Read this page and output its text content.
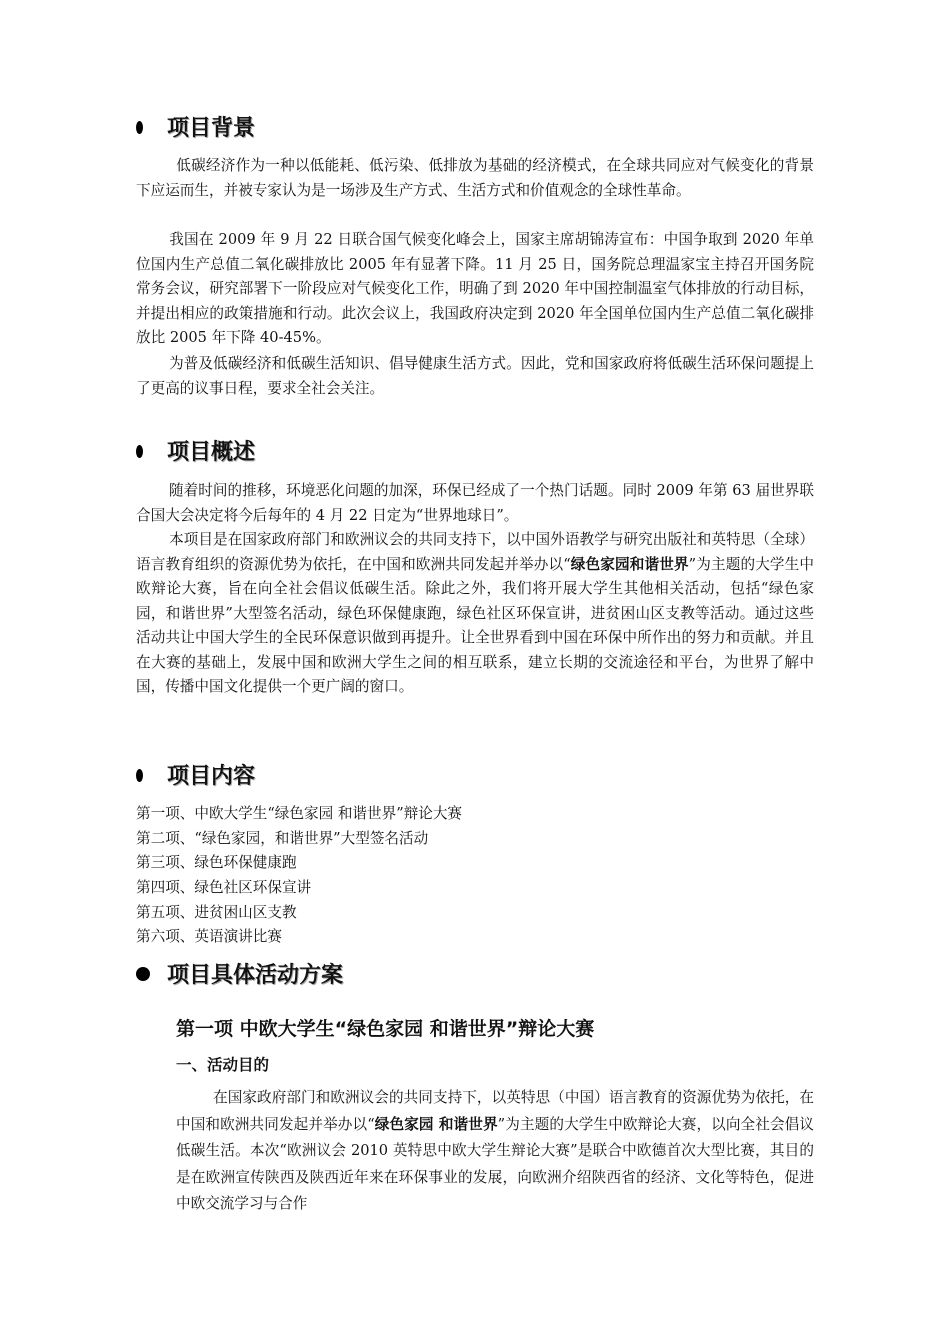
项目背景
低碳经济作为一种以低能耗、低污染、低排放为基础的经济模式，在全球共同应对气候变化的背景下应运而生，并被专家认为是一场涉及生产方式、生活方式和价值观念的全球性革命。
我国在 2009 年 9 月 22 日联合国气候变化峰会上，国家主席胡锦涛宣布：中国争取到 2020 年单位国内生产总值二氧化碳排放比 2005 年有显著下降。11 月 25 日，国务院总理温家宝主持召开国务院常务会议，研究部署下一阶段应对气候变化工作，明确了到 2020 年中国控制温室气体排放的行动目标，并提出相应的政策措施和行动。此次会议上，我国政府决定到 2020 年全国单位国内生产总值二氧化碳排放比 2005 年下降 40-45%。
为普及低碳经济和低碳生活知识、倡导健康生活方式。因此，党和国家政府将低碳生活环保问题提上了更高的议事日程，要求全社会关注。
项目概述
随着时间的推移，环境恶化问题的加深，环保已经成了一个热门话题。同时 2009 年第 63 届世界联合国大会决定将今后每年的 4 月 22 日定为“世界地球日”。
本项目是在国家政府部门和欧洲议会的共同支持下，以中国外语教学与研究出版社和英特思（全球）语言教育组织的资源优势为依托，在中国和欧洲共同发起并举办以“绿色家园和谐世界”为主题的大学生中欧辩论大赛，旨在向全社会倡议低碳生活。除此之外，我们将开展大学生其他相关活动，包括“绿色家园，和谐世界”大型签名活动，绿色环保健康跑，绿色社区环保宣讲，进贫困山区支教等活动。通过这些活动共让中国大学生的全民环保意识做到再提升。让全世界看到中国在环保中所作出的努力和贡献。并且在大赛的基础上，发展中国和欧洲大学生之间的相互联系，建立长期的交流途径和平台，为世界了解中国，传播中国文化提供一个更广阔的窗口。
项目内容
第一项、中欧大学生“绿色家园 和谐世界”辩论大赛
第二项、“绿色家园，和谐世界”大型签名活动
第三项、绿色环保健康跑
第四项、绿色社区环保宣讲
第五项、进贫困山区支教
第六项、英语演讲比赛
项目具体活动方案
第一项 中欧大学生“绿色家园 和谐世界”辩论大赛
一、活动目的
在国家政府部门和欧洲议会的共同支持下，以英特思（中国）语言教育的资源优势为依托，在中国和欧洲共同发起并举办以“绿色家园 和谐世界”为主题的大学生中欧辩论大赛，以向全社会倡议低碳生活。本次“欧洲议会 2010 英特思中欧大学生辩论大赛”是联合中欧德首次大型比赛，其目的是在欧洲宣传陕西及陕西近年来在环保事业的发展，向欧洲介绍陕西省的经济、文化等特色，促进中欧交流学习与合作
